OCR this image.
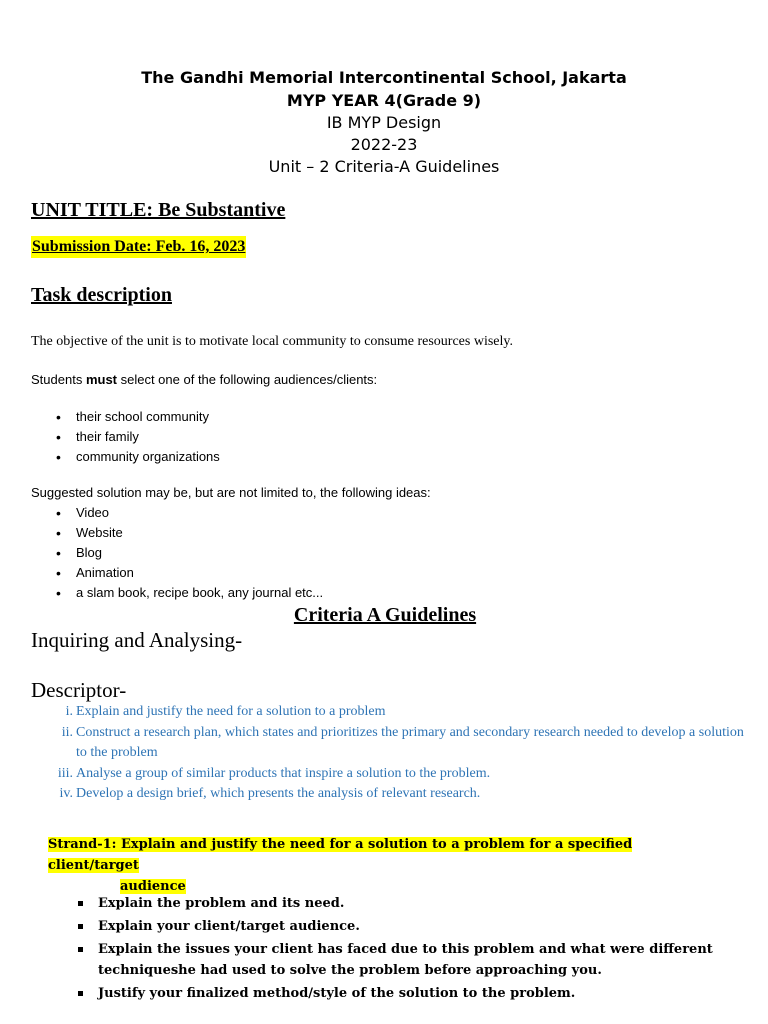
The Gandhi Memorial Intercontinental School, Jakarta
MYP YEAR 4(Grade 9)
IB MYP Design
2022-23
Unit – 2 Criteria-A Guidelines
UNIT TITLE: Be Substantive
Submission Date: Feb. 16, 2023
Task description
The objective of the unit is to motivate local community to consume resources wisely.
Students must select one of the following audiences/clients:
• their school community
• their family
• community organizations
Suggested solution may be, but are not limited to, the following ideas:
• Video
• Website
• Blog
• Animation
• a slam book, recipe book, any journal etc...
Criteria A Guidelines
Inquiring and Analysing-
Descriptor-
i. Explain and justify the need for a solution to a problem
ii. Construct a research plan, which states and prioritizes the primary and secondary research needed to develop a solution to the problem
iii. Analyse a group of similar products that inspire a solution to the problem.
iv. Develop a design brief, which presents the analysis of relevant research.
Strand-1: Explain and justify the need for a solution to a problem for a specified client/target
audience
Explain the problem and its need.
Explain your client/target audience.
Explain the issues your client has faced due to this problem and what were different techniqueshe had used to solve the problem before approaching you.
Justify your finalized method/style of the solution to the problem.
